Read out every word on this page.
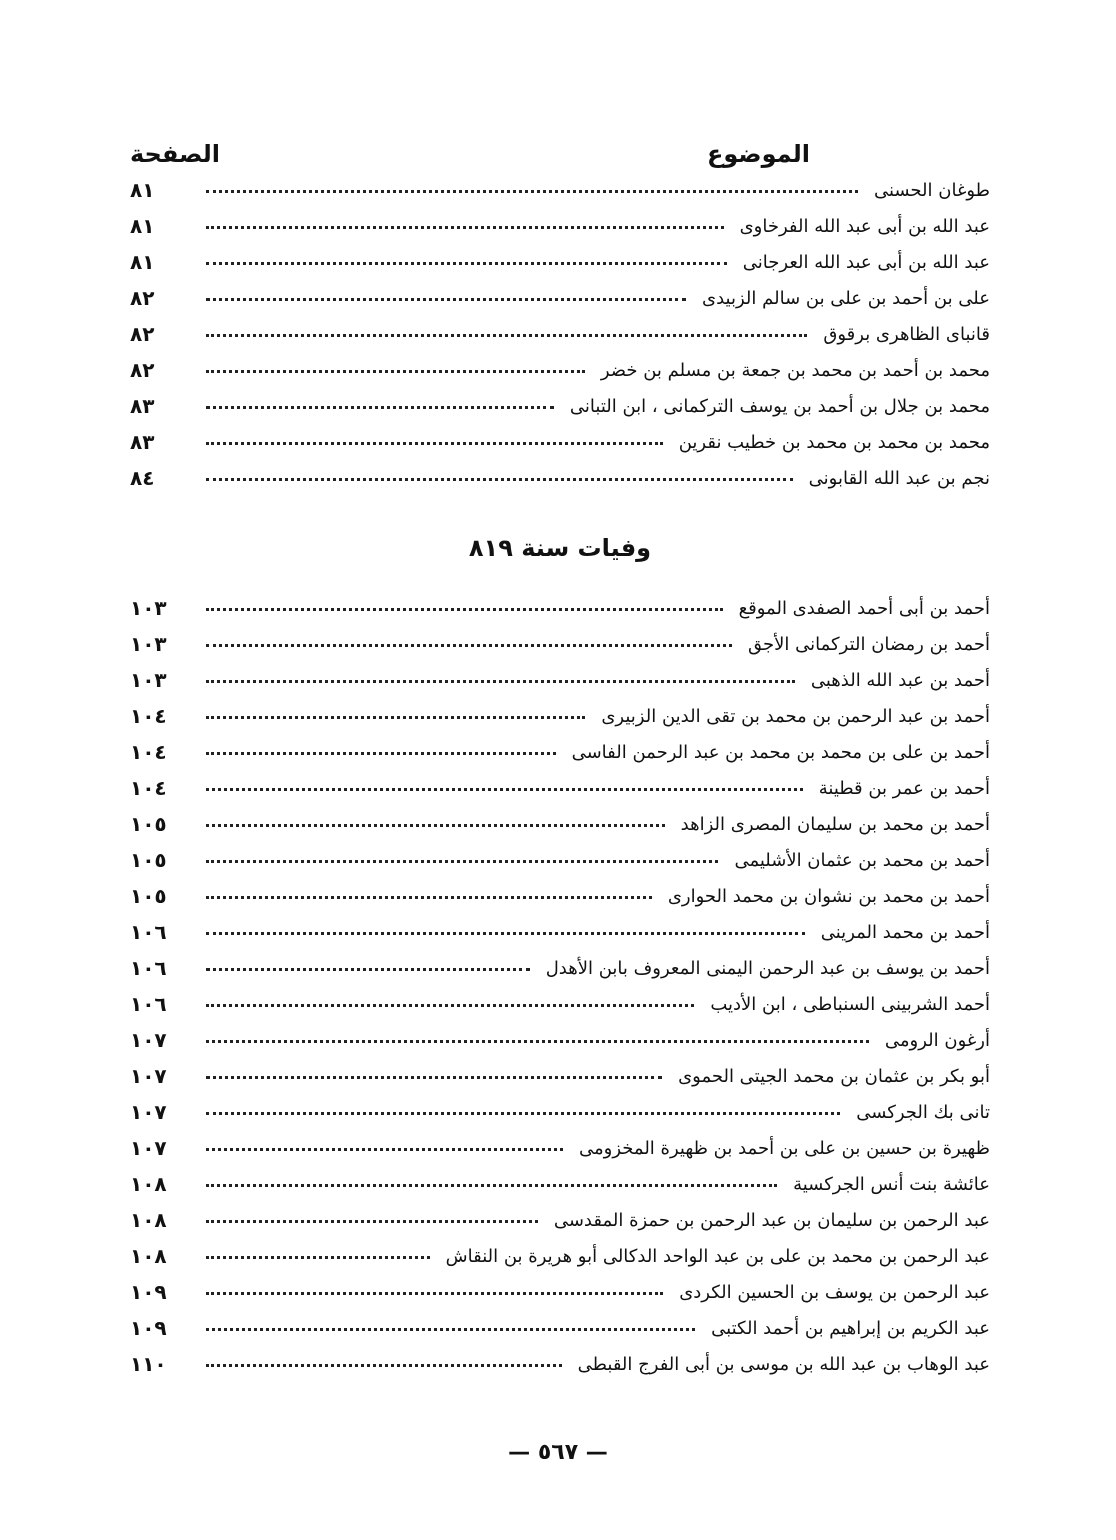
الموضوع
الصفحة
طوغان الحسنى
٨١
عبد الله بن أبى عبد الله الفرخاوى
٨١
عبد الله بن أبى عبد الله العرجانى
٨١
على بن أحمد بن على بن سالم الزبيدى
٨٢
قانباى الظاهرى برقوق
٨٢
محمد بن أحمد بن محمد بن جمعة بن مسلم بن خضر
٨٢
محمد بن جلال بن أحمد بن يوسف التركمانى ، ابن التبانى
٨٣
محمد بن محمد بن محمد بن خطيب نقرين
٨٣
نجم بن عبد الله القابونى
٨٤
وفيات سنة ٨١٩
أحمد بن أبى أحمد الصفدى الموقع
١٠٣
أحمد بن رمضان التركمانى الأجق
١٠٣
أحمد بن عبد الله الذهبى
١٠٣
أحمد بن عبد الرحمن بن محمد بن تقى الدين الزبيرى
١٠٤
أحمد بن على بن محمد بن محمد بن عبد الرحمن الفاسى
١٠٤
أحمد بن عمر بن قطينة
١٠٤
أحمد بن محمد بن سليمان المصرى الزاهد
١٠٥
أحمد بن محمد بن عثمان الأشليمى
١٠٥
أحمد بن محمد بن نشوان بن محمد الحوارى
١٠٥
أحمد بن محمد المرينى
١٠٦
أحمد بن يوسف بن عبد الرحمن اليمنى المعروف بابن الأهدل
١٠٦
أحمد الشربينى السنباطى ، ابن الأديب
١٠٦
أرغون الرومى
١٠٧
أبو بكر بن عثمان بن محمد الجيتى الحموى
١٠٧
تانى بك الجركسى
١٠٧
ظهيرة بن حسين بن على بن أحمد بن ظهيرة المخزومى
١٠٧
عائشة بنت أنس الجركسية
١٠٨
عبد الرحمن بن سليمان بن عبد الرحمن بن حمزة المقدسى
١٠٨
عبد الرحمن بن محمد بن على بن عبد الواحد الدكالى أبو هريرة بن النقاش
١٠٨
عبد الرحمن بن يوسف بن الحسين الكردى
١٠٩
عبد الكريم بن إبراهيم بن أحمد الكتبى
١٠٩
عبد الوهاب بن عبد الله بن موسى بن أبى الفرج القبطى
١١٠
— ٥٦٧ —
